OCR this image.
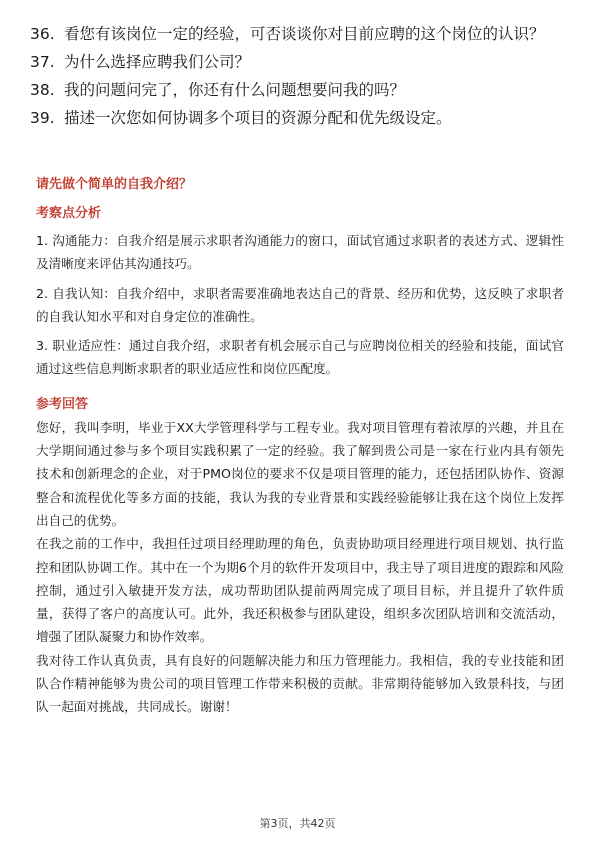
36. 看您有该岗位一定的经验，可否谈谈你对目前应聘的这个岗位的认识？
37. 为什么选择应聘我们公司？
38. 我的问题问完了，你还有什么问题想要问我的吗？
39. 描述一次您如何协调多个项目的资源分配和优先级设定。
请先做个简单的自我介绍？
考察点分析

1. 沟通能力：自我介绍是展示求职者沟通能力的窗口，面试官通过求职者的表述方式、逻辑性及清晰度来评估其沟通技巧。

2. 自我认知：自我介绍中，求职者需要准确地表达自己的背景、经历和优势，这反映了求职者的自我认知水平和对自身定位的准确性。

3. 职业适应性：通过自我介绍，求职者有机会展示自己与应聘岗位相关的经验和技能，面试官通过这些信息判断求职者的职业适应性和岗位匹配度。

参考回答

您好，我叫李明，毕业于XX大学管理科学与工程专业。我对项目管理有着浓厚的兴趣，并且在大学期间通过参与多个项目实践积累了一定的经验。我了解到贵公司是一家在行业内具有领先技术和创新理念的企业，对于PMO岗位的要求不仅是项目管理的能力，还包括团队协作、资源整合和流程优化等多方面的技能，我认为我的专业背景和实践经验能够让我在这个岗位上发挥出自己的优势。

在我之前的工作中，我担任过项目经理助理的角色，负责协助项目经理进行项目规划、执行监控和团队协调工作。其中在一个为期6个月的软件开发项目中，我主导了项目进度的跟踪和风险控制，通过引入敏捷开发方法，成功帮助团队提前两周完成了项目目标，并且提升了软件质量，获得了客户的高度认可。此外，我还积极参与团队建设，组织多次团队培训和交流活动，增强了团队凝聚力和协作效率。

我对待工作认真负责，具有良好的问题解决能力和压力管理能力。我相信，我的专业技能和团队合作精神能够为贵公司的项目管理工作带来积极的贡献。非常期待能够加入致景科技，与团队一起面对挑战，共同成长。谢谢！

第3页，共42页
